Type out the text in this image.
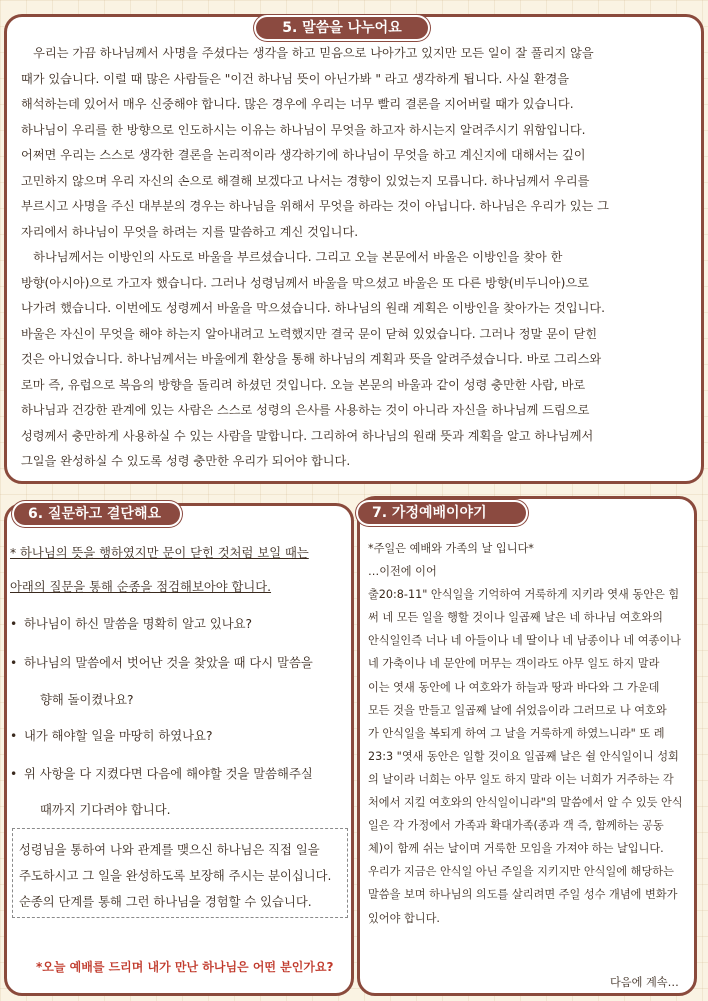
　우리는 가끔 하나님께서 사명을 주셨다는 생각을 하고 믿음으로 나아가고 있지만 모든 일이 잘 풀리지 않을
때가 있습니다. 이럴 때 많은 사람들은 "이건 하나님 뜻이 아닌가봐 " 라고 생각하게 됩니다. 사실 환경을
해석하는데 있어서 매우 신중해야 합니다. 많은 경우에 우리는 너무 빨리 결론을 지어버릴 때가 있습니다.
하나님이 우리를 한 방향으로 인도하시는 이유는 하나님이 무엇을 하고자 하시는지 알려주시기 위함입니다.
어쩌면 우리는 스스로 생각한 결론을 논리적이라 생각하기에 하나님이 무엇을 하고 계신지에 대해서는 깊이
고민하지 않으며 우리 자신의 손으로 해결해 보겠다고 나서는 경향이 있었는지 모릅니다. 하나님께서 우리를
부르시고 사명을 주신 대부분의 경우는 하나님을 위해서 무엇을 하라는 것이 아닙니다. 하나님은 우리가 있는 그
자리에서 하나님이 무엇을 하려는 지를 말씀하고 계신 것입니다.
　하나님께서는 이방인의 사도로 바울을 부르셨습니다. 그리고 오늘 본문에서 바울은 이방인을 찾아 한
방향(아시아)으로 가고자 했습니다. 그러나 성령님께서 바울을 막으셨고 바울은 또 다른 방향(비두니아)으로
나가려 했습니다. 이번에도 성령께서 바울을 막으셨습니다. 하나님의 원래 계획은 이방인을 찾아가는 것입니다.
바울은 자신이 무엇을 해야 하는지 알아내려고 노력했지만 결국 문이 닫혀 있었습니다. 그러나 정말 문이 닫힌
것은 아니었습니다. 하나님께서는 바울에게 환상을 통해 하나님의 계획과 뜻을 알려주셨습니다. 바로 그리스와
로마 즉, 유럽으로 복음의 방향을 돌리려 하셨던 것입니다. 오늘 본문의 바울과 같이 성령 충만한 사람, 바로
하나님과 건강한 관계에 있는 사람은 스스로 성령의 은사를 사용하는 것이 아니라 자신을 하나님께 드림으로
성령께서 충만하게 사용하실 수 있는 사람을 말합니다. 그리하여 하나님의 원래 뜻과 계획을 알고 하나님께서
그일을 완성하실 수 있도록 성령 충만한 우리가 되어야 합니다.

5. 말씀을 나누어요
6. 질문하고 결단해요
* 하나님의 뜻을 행하였지만 문이 닫힌 것처럼 보일 때는
아래의 질문을 통해 순종을 점검해보아야 합니다.
• 하나님이 하신 말씀을 명확히 알고 있나요?
• 하나님의 말씀에서 벗어난 것을 찾았을 때 다시 말씀을
향해 돌이켰나요?
• 내가 해야할 일을 마땅히 하였나요?
• 위 사항을 다 지켰다면 다음에 해야할 것을 말씀해주실
때까지 기다려야 합니다.
성령님을 통하여 나와 관계를 맺으신 하나님은 직접 일을
주도하시고 그 일을 완성하도록 보장해 주시는 분이십니다.
순종의 단계를 통해 그런 하나님을 경험할 수 있습니다.
*오늘 예배를 드리며 내가 만난 하나님은 어떤 분인가요?
7. 가정예배이야기
*주일은 예배와 가족의 날 입니다*
…이전에 이어
출20:8-11" 안식일을 기억하여 거룩하게 지키라 엿새 동안은 힘
써 네 모든 일을 행할 것이나 일곱째 날은 네 하나님 여호와의
안식일인즉 너나 네 아들이나 네 딸이나 네 남종이나 네 여종이나
네 가축이나 네 문안에 머무는 객이라도 아무 일도 하지 말라
이는 엿새 동안에 나 여호와가 하늘과 땅과 바다와 그 가운데
모든 것을 만들고 일곱째 날에 쉬었음이라 그러므로 나 여호와
가 안식일을 복되게 하여 그 날을 거룩하게 하였느니라" 또 레
23:3 "엿새 동안은 일할 것이요 일곱째 날은 쉴 안식일이니 성회
의 날이라 너희는 아무 일도 하지 말라 이는 너희가 거주하는 각
처에서 지킬 여호와의 안식일이니라"의 말씀에서 알 수 있듯 안식
일은 각 가정에서 가족과 확대가족(종과 객 즉, 함께하는 공동
체)이 함께 쉬는 날이며 거룩한 모임을 가져야 하는 날입니다.
우리가 지금은 안식일 아닌 주일을 지키지만 안식일에 해당하는
말씀을 보며 하나님의 의도를 살리려면 주일 성수 개념에 변화가
있어야 합니다.
다음에 계속…
